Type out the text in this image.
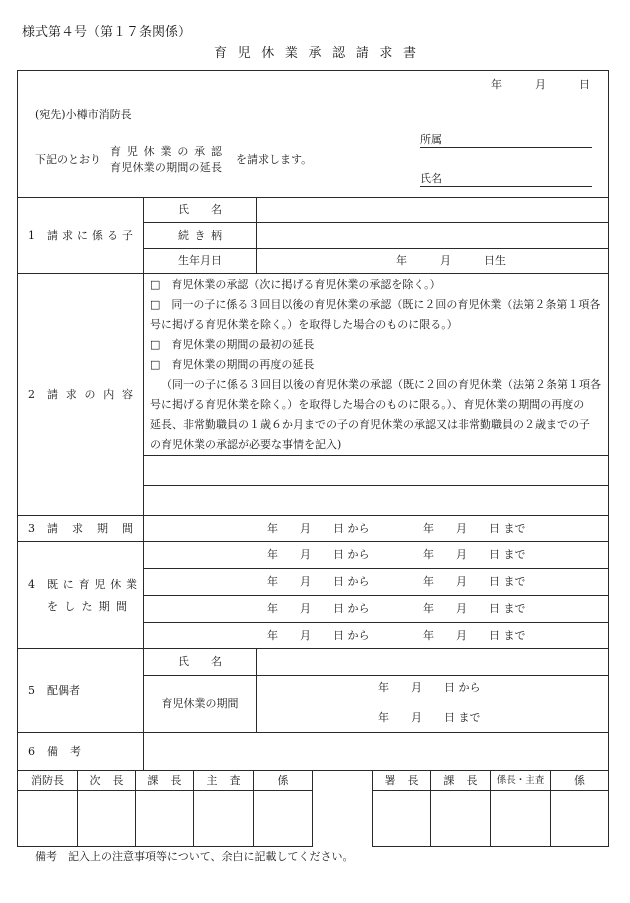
様式第４号（第１７条関係）
育児休業承認請求書
年　　　月　　　日
(宛先)小樽市消防長
所属
下記のとおり
育児休業の承認
育児休業の期間の延長
を請求します。
氏名
1	請求に係る子
氏名
続き柄
生年月日	年　　　月　　　日生
2	請求の内容
□　育児休業の承認（次に掲げる育児休業の承認を除く。）
□　同一の子に係る３回目以後の育児休業の承認（既に２回の育児休業（法第２条第１項各
号に掲げる育児休業を除く。）を取得した場合のものに限る。）
□　育児休業の期間の最初の延長
□　育児休業の期間の再度の延長
（同一の子に係る３回目以後の育児休業の承認（既に２回の育児休業（法第２条第１項各
号に掲げる育児休業を除く。）を取得した場合のものに限る。）、育児休業の期間の再度の
延長、非常勤職員の１歳６か月までの子の育児休業の承認又は非常勤職員の２歳までの子
の育児休業の承認が必要な事情を記入)
3	請求期間	年　　月　　日 から	年　　月　　日 まで
4	既に育児休業
をした期間
年　　月　　日 から	年　　月　　日 まで
年　　月　　日 から	年　　月　　日 まで
年　　月　　日 から	年　　月　　日 まで
年　　月　　日 から	年　　月　　日 まで
5	配偶者
氏名
育児休業の期間
年　　月　　日 から
年　　月　　日 まで
6	備考
消防長 次長 課長 主査	係	署長 課長 係長・主査	係
備考　記入上の注意事項等について、余白に記載してください。
